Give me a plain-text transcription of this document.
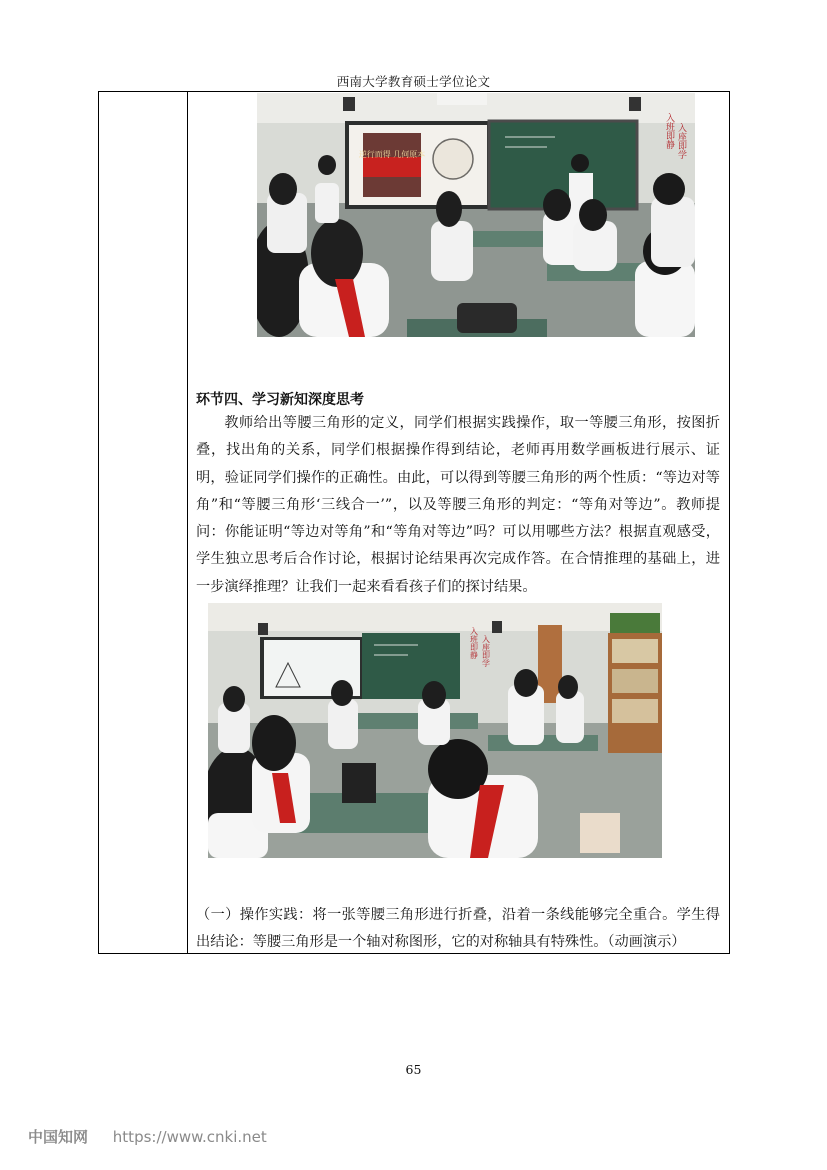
西南大学教育硕士学位论文
逆行而得 几何原本
入班即静 入座即学
环节四、学习新知深度思考

教师给出等腰三角形的定义，同学们根据实践操作，取一等腰三角形，按图折叠，找出角的关系，同学们根据操作得到结论，老师再用数学画板进行展示、证明，验证同学们操作的正确性。由此，可以得到等腰三角形的两个性质：“等边对等角”和“等腰三角形‘三线合一’”，以及等腰三角形的判定：“等角对等边”。教师提问：你能证明“等边对等角”和“等角对等边”吗？可以用哪些方法？根据直观感受，学生独立思考后合作讨论，根据讨论结果再次完成作答。在合情推理的基础上，进一步演绎推理？让我们一起来看看孩子们的探讨结果。

入班即静 入座即学

（一）操作实践：将一张等腰三角形进行折叠，沿着一条线能够完全重合。学生得出结论：等腰三角形是一个轴对称图形，它的对称轴具有特殊性。（动画演示）

65
中国知网 https://www.cnki.net
